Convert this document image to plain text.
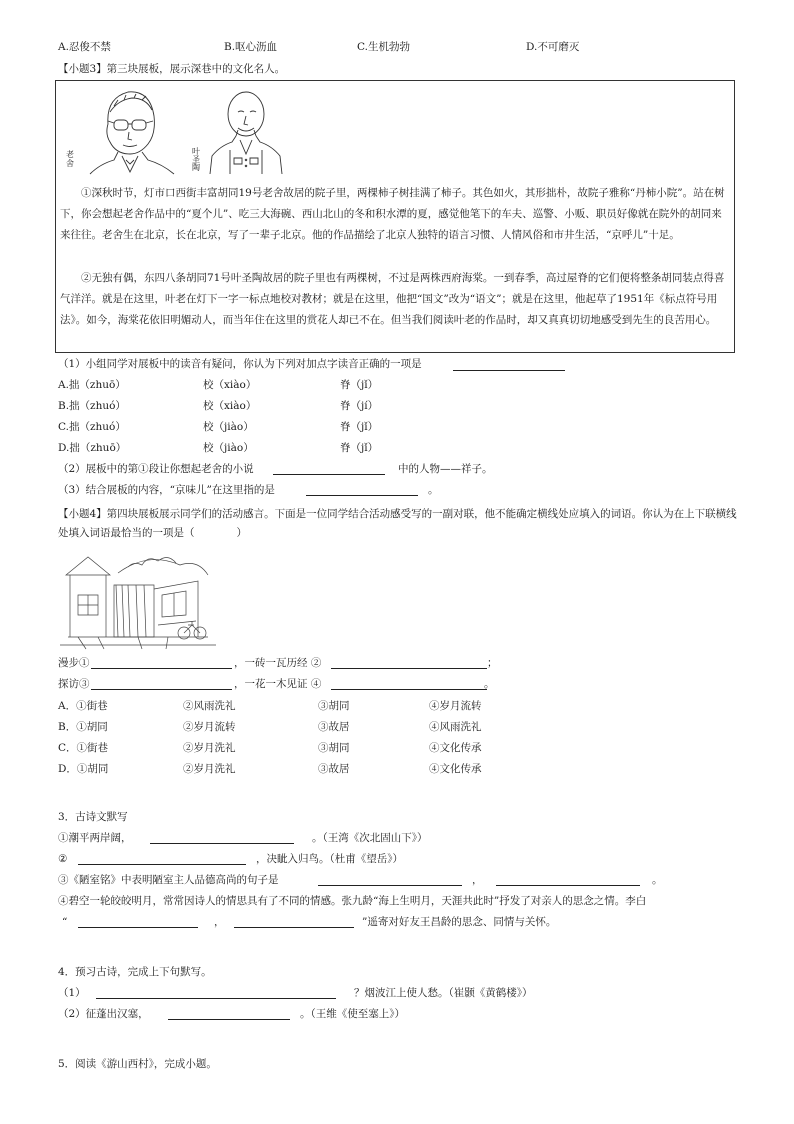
A.忍俊不禁	B.呕心沥血	C.生机勃勃	D.不可磨灭
【小题3】第三块展板，展示深巷中的文化名人。
老舍
叶圣陶
①深秋时节，灯市口西街丰富胡同19号老舍故居的院子里，两棵柿子树挂满了柿子。其色如火，其形拙朴，故院子雅称“丹柿小院”。站在树下，你会想起老舍作品中的“夏个儿”、吃三大海碗、西山北山的冬和积水潭的夏，感觉他笔下的车夫、巡警、小贩、职员好像就在院外的胡同来来往往。老舍生在北京，长在北京，写了一辈子北京。他的作品描绘了北京人独特的语言习惯、人情风俗和市井生活，“京呼儿”十足。
②无独有偶，东四八条胡同71号叶圣陶故居的院子里也有两棵树，不过是两株西府海棠。一到春季，高过屋脊的它们便将整条胡同装点得喜气洋洋。就是在这里，叶老在灯下一字一标点地校对教材；就是在这里，他把“国文”改为“语文”；就是在这里，他起草了1951年《标点符号用法》。如今，海棠花依旧明媚动人，而当年住在这里的赏花人却已不在。但当我们阅读叶老的作品时，却又真真切切地感受到先生的良苦用心。
（1）小组同学对展板中的读音有疑问，你认为下列对加点字读音正确的一项是
A.拙（zhuō）	校（xiào）	脊（jǐ）
B.拙（zhuó）	校（xiào）	脊（jí）
C.拙（zhuó）	校（jiào）	脊（jǐ）
D.拙（zhuō）	校（jiào）	脊（jǐ）
（2）展板中的第①段让你想起老舍的小说	中的人物——祥子。
（3）结合展板的内容，“京味儿”在这里指的是	。
【小题4】第四块展板展示同学们的活动感言。下面是一位同学结合活动感受写的一副对联，他不能确定横线处应填入的词语。你认为在上下联横线处填入词语最恰当的一项是（　　　　）
漫步①	，一砖一瓦历经 ②	；
探访③	，一花一木见证 ④	。
A．①街巷	②风雨洗礼	③胡同	④岁月流转
B．①胡同	②岁月流转	③故居	④风雨洗礼
C．①街巷	②岁月洗礼	③胡同	④文化传承
D．①胡同	②岁月洗礼	③故居	④文化传承
3．古诗文默写
①潮平两岸阔，	。（王湾《次北固山下》）
②	，决眦入归鸟。（杜甫《望岳》）
③《陋室铭》中表明陋室主人品德高尚的句子是	，	。
④碧空一轮皎皎明月，常常因诗人的情思具有了不同的情感。张九龄“海上生明月，天涯共此时”抒发了对亲人的思念之情。李白
“	，	”遥寄对好友王昌龄的思念、同情与关怀。
4．预习古诗，完成上下句默写。
（1）	？烟波江上使人愁。（崔颢《黄鹤楼》）
（2）征蓬出汉塞，	。（王维《使至塞上》）
5．阅读《游山西村》，完成小题。
